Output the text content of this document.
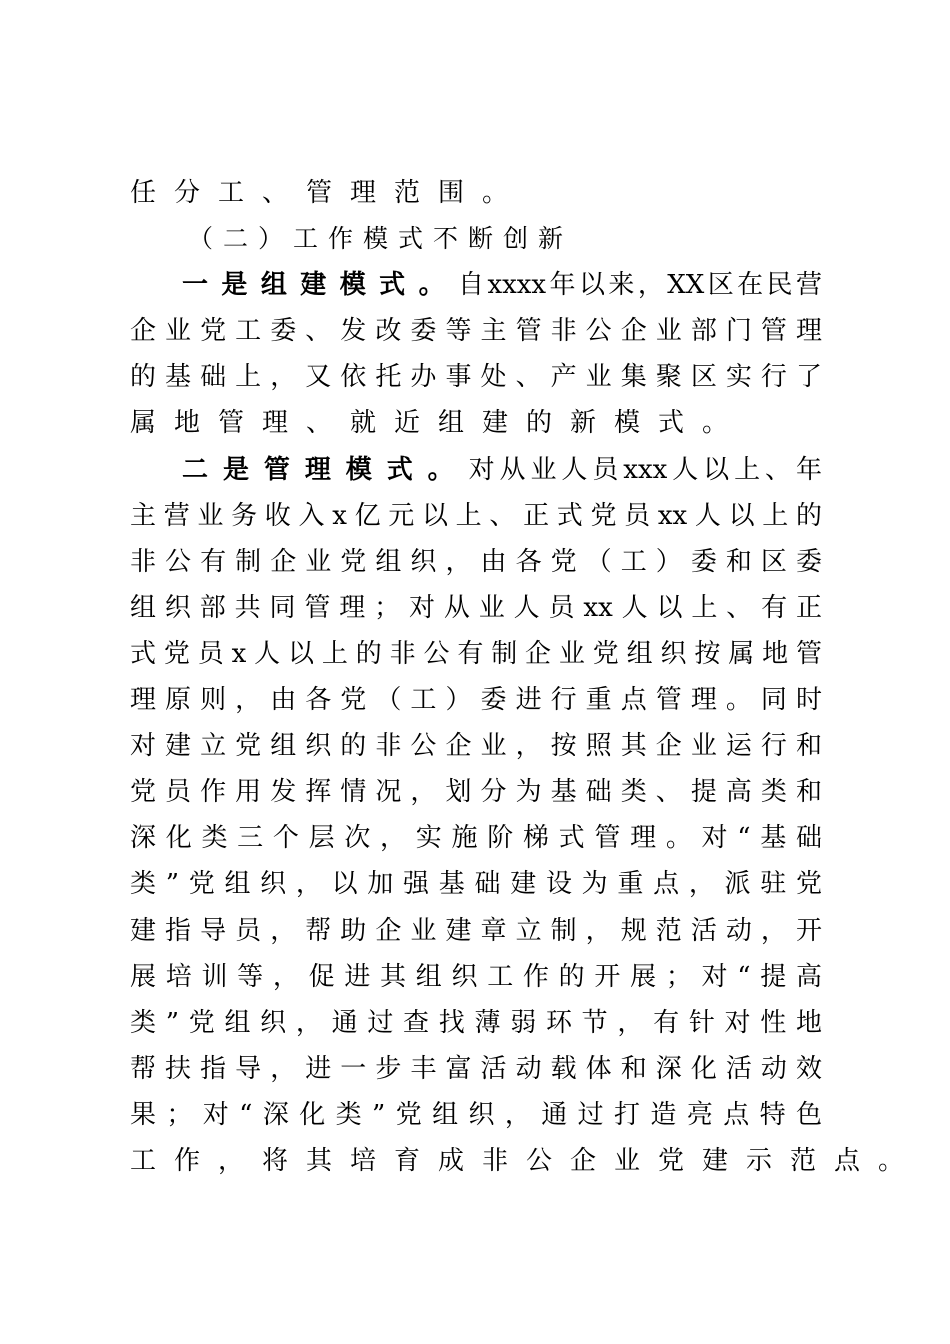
任分工、管理范围。
（二）工作模式不断创新
一是组建模式。自xxxx年以来，XX区在民营
企业党工委、发改委等主管非公企业部门管理
的基础上，又依托办事处、产业集聚区实行了
属地管理、就近组建的新模式。
二是管理模式。对从业人员xxx人以上、年
主营业务收入x亿元以上、正式党员xx人以上的
非公有制企业党组织，由各党（工）委和区委
组织部共同管理；对从业人员xx人以上、有正
式党员x人以上的非公有制企业党组织按属地管
理原则，由各党（工）委进行重点管理。同时
对建立党组织的非公企业，按照其企业运行和
党员作用发挥情况，划分为基础类、提高类和
深化类三个层次，实施阶梯式管理。对“基础
类”党组织，以加强基础建设为重点，派驻党
建指导员，帮助企业建章立制，规范活动，开
展培训等，促进其组织工作的开展；对“提高
类”党组织，通过查找薄弱环节，有针对性地
帮扶指导，进一步丰富活动载体和深化活动效
果；对“深化类”党组织，通过打造亮点特色
工作，将其培育成非公企业党建示范点。
